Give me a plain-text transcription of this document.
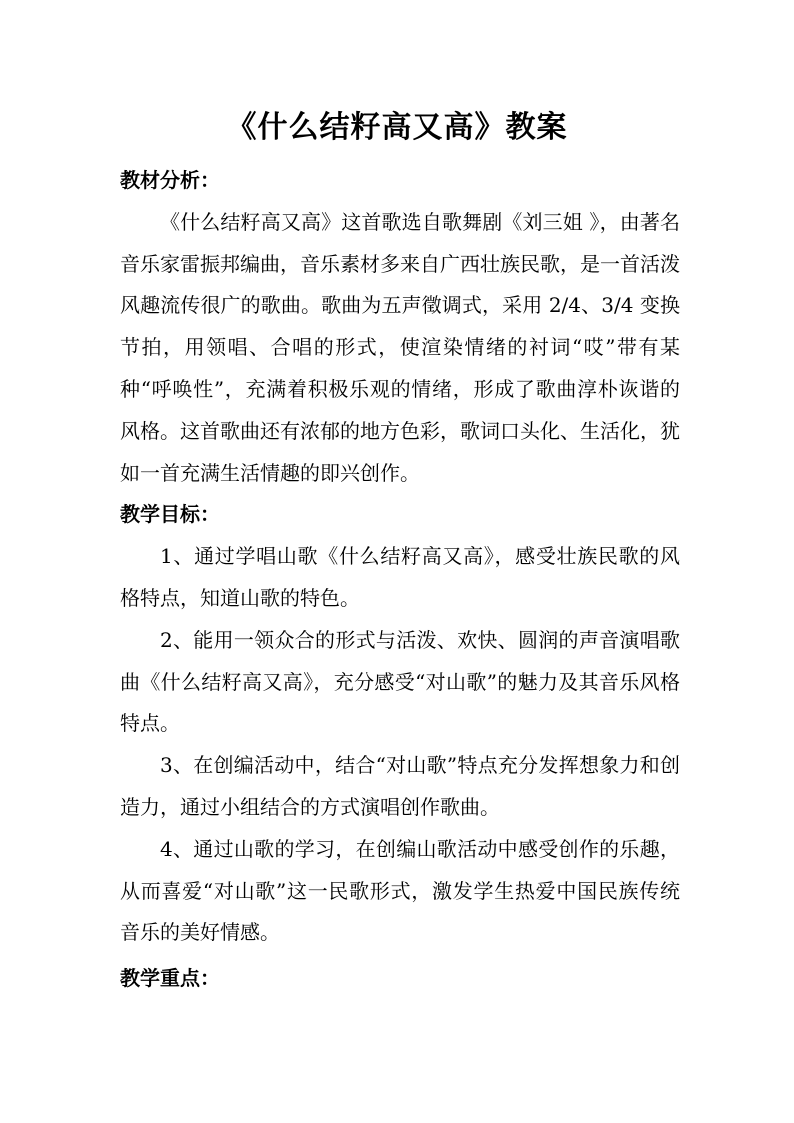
《什么结籽高又高》教案

教材分析：

《什么结籽高又高》这首歌选自歌舞剧《刘三姐 》，由著名音乐家雷振邦编曲，音乐素材多来自广西壮族民歌，是一首活泼风趣流传很广的歌曲。歌曲为五声徵调式，采用 2/4、3/4 变换节拍，用领唱、合唱的形式，使渲染情绪的衬词“哎”带有某种“呼唤性”，充满着积极乐观的情绪，形成了歌曲淳朴诙谐的风格。这首歌曲还有浓郁的地方色彩，歌词口头化、生活化，犹如一首充满生活情趣的即兴创作。

教学目标：

1、通过学唱山歌《什么结籽高又高》，感受壮族民歌的风格特点，知道山歌的特色。

2、能用一领众合的形式与活泼、欢快、圆润的声音演唱歌曲《什么结籽高又高》，充分感受“对山歌”的魅力及其音乐风格特点。

3、在创编活动中，结合“对山歌”特点充分发挥想象力和创造力，通过小组结合的方式演唱创作歌曲。

4、通过山歌的学习，在创编山歌活动中感受创作的乐趣，从而喜爱“对山歌”这一民歌形式，激发学生热爱中国民族传统音乐的美好情感。

教学重点：
